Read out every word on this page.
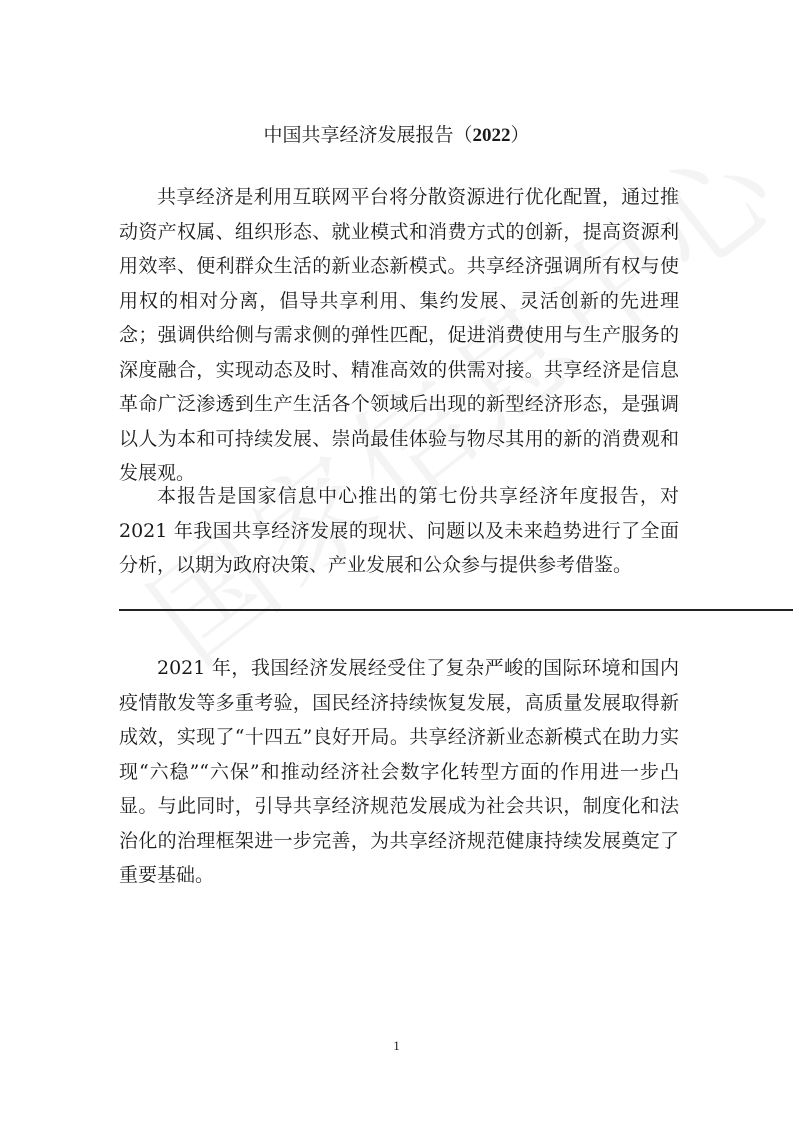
中国共享经济发展报告（2022）

共享经济是利用互联网平台将分散资源进行优化配置，通过推动资产权属、组织形态、就业模式和消费方式的创新，提高资源利用效率、便利群众生活的新业态新模式。共享经济强调所有权与使用权的相对分离，倡导共享利用、集约发展、灵活创新的先进理念；强调供给侧与需求侧的弹性匹配，促进消费使用与生产服务的深度融合，实现动态及时、精准高效的供需对接。共享经济是信息革命广泛渗透到生产生活各个领域后出现的新型经济形态，是强调以人为本和可持续发展、崇尚最佳体验与物尽其用的新的消费观和发展观。

本报告是国家信息中心推出的第七份共享经济年度报告，对2021 年我国共享经济发展的现状、问题以及未来趋势进行了全面分析，以期为政府决策、产业发展和公众参与提供参考借鉴。

2021 年，我国经济发展经受住了复杂严峻的国际环境和国内疫情散发等多重考验，国民经济持续恢复发展，高质量发展取得新成效，实现了“十四五”良好开局。共享经济新业态新模式在助力实现“六稳”“六保”和推动经济社会数字化转型方面的作用进一步凸显。与此同时，引导共享经济规范发展成为社会共识，制度化和法治化的治理框架进一步完善，为共享经济规范健康持续发展奠定了重要基础。

1
